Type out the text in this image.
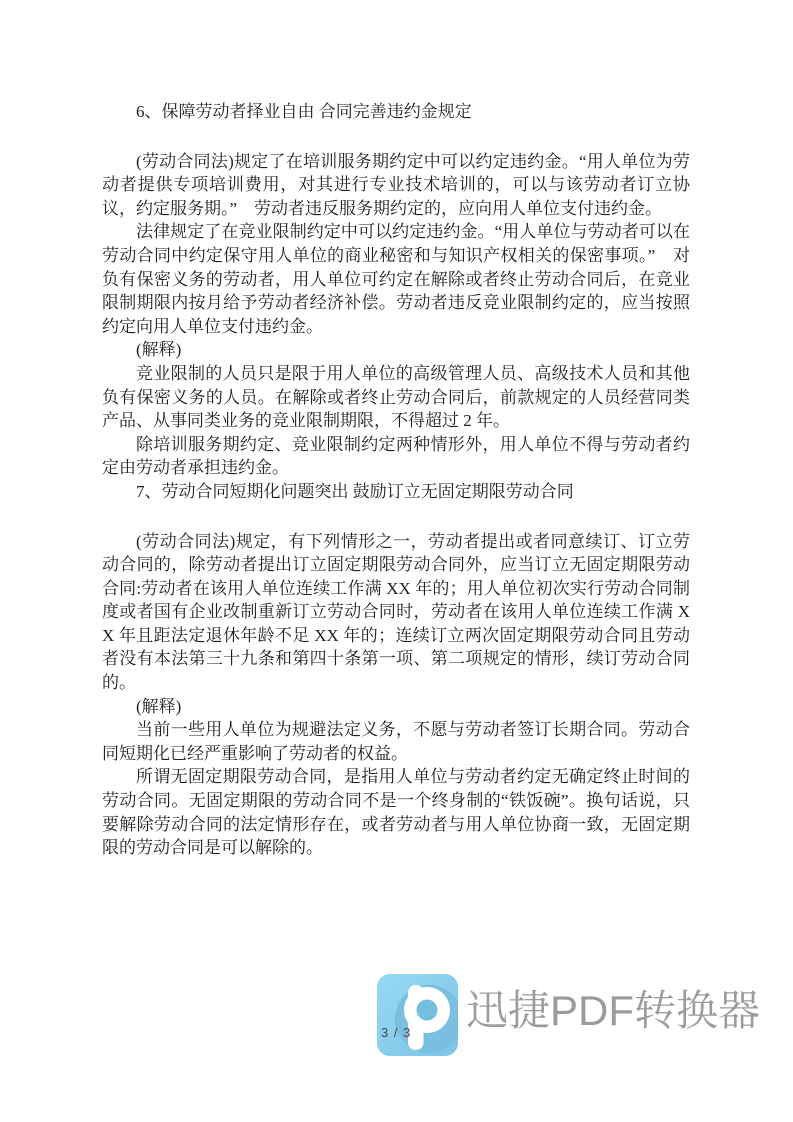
6、保障劳动者择业自由 合同完善违约金规定

(劳动合同法)规定了在培训服务期约定中可以约定违约金。“用人单位为劳动者提供专项培训费用，对其进行专业技术培训的，可以与该劳动者订立协议，约定服务期。”　劳动者违反服务期约定的，应向用人单位支付违约金。

法律规定了在竞业限制约定中可以约定违约金。“用人单位与劳动者可以在劳动合同中约定保守用人单位的商业秘密和与知识产权相关的保密事项。”　对负有保密义务的劳动者，用人单位可约定在解除或者终止劳动合同后，在竞业限制期限内按月给予劳动者经济补偿。劳动者违反竞业限制约定的，应当按照约定向用人单位支付违约金。

(解释)

竞业限制的人员只是限于用人单位的高级管理人员、高级技术人员和其他负有保密义务的人员。在解除或者终止劳动合同后，前款规定的人员经营同类产品、从事同类业务的竞业限制期限，不得超过 2 年。

除培训服务期约定、竞业限制约定两种情形外，用人单位不得与劳动者约定由劳动者承担违约金。

7、劳动合同短期化问题突出 鼓励订立无固定期限劳动合同

(劳动合同法)规定，有下列情形之一，劳动者提出或者同意续订、订立劳动合同的，除劳动者提出订立固定期限劳动合同外，应当订立无固定期限劳动合同:劳动者在该用人单位连续工作满 XX 年的；用人单位初次实行劳动合同制度或者国有企业改制重新订立劳动合同时，劳动者在该用人单位连续工作满 XX 年且距法定退休年龄不足 XX 年的；连续订立两次固定期限劳动合同且劳动者没有本法第三十九条和第四十条第一项、第二项规定的情形，续订劳动合同的。

(解释)

当前一些用人单位为规避法定义务，不愿与劳动者签订长期合同。劳动合同短期化已经严重影响了劳动者的权益。

所谓无固定期限劳动合同，是指用人单位与劳动者约定无确定终止时间的劳动合同。无固定期限的劳动合同不是一个终身制的“铁饭碗”。换句话说，只要解除劳动合同的法定情形存在，或者劳动者与用人单位协商一致，无固定期限的劳动合同是可以解除的。

3 / 3 迅捷PDF转换器
